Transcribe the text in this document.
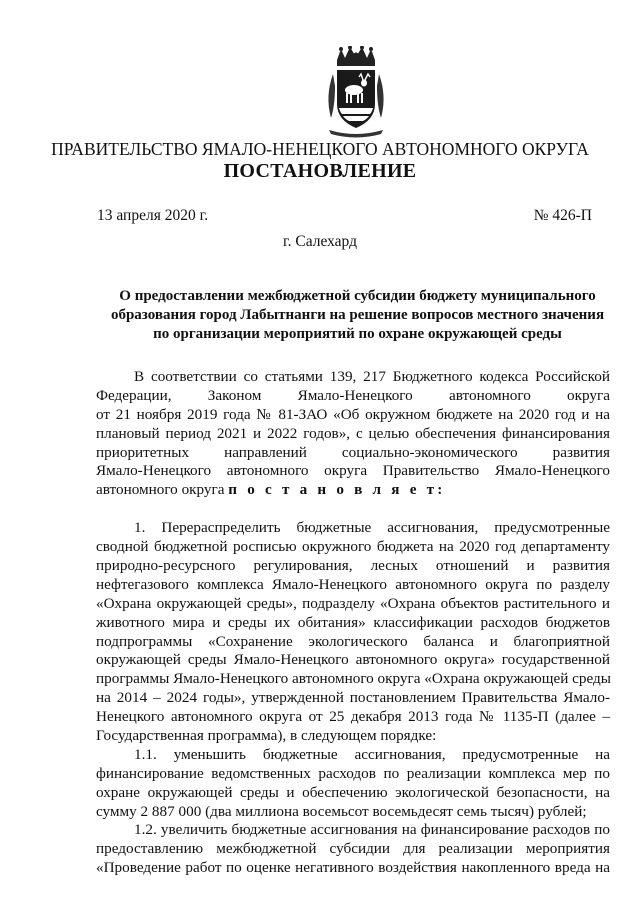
ПРАВИТЕЛЬСТВО ЯМАЛО-НЕНЕЦКОГО АВТОНОМНОГО ОКРУГА
ПОСТАНОВЛЕНИЕ
13 апреля 2020 г.	№ 426-П
г. Салехард
О предоставлении межбюджетной субсидии бюджету муниципального
образования город Лабытнанги на решение вопросов местного значения
по организации мероприятий по охране окружающей среды
В соответствии со статьями 139, 217 Бюджетного кодекса Российской
Федерации, Законом Ямало-Ненецкого автономного округа
от 21 ноября 2019 года № 81-ЗАО «Об окружном бюджете на 2020 год и на
плановый период 2021 и 2022 годов», с целью обеспечения финансирования
приоритетных направлений социально-экономического развития
Ямало-Ненецкого автономного округа Правительство Ямало-Ненецкого
автономного округа п о с т а н о в л я е т:
1. Перераспределить бюджетные ассигнования, предусмотренные
сводной бюджетной росписью окружного бюджета на 2020 год департаменту
природно-ресурсного регулирования, лесных отношений и развития
нефтегазового комплекса Ямало-Ненецкого автономного округа по разделу
«Охрана окружающей среды», подразделу «Охрана объектов растительного и
животного мира и среды их обитания» классификации расходов бюджетов
подпрограммы «Сохранение экологического баланса и благоприятной
окружающей среды Ямало-Ненецкого автономного округа» государственной
программы Ямало-Ненецкого автономного округа «Охрана окружающей среды
на 2014 – 2024 годы», утвержденной постановлением Правительства Ямало-
Ненецкого автономного округа от 25 декабря 2013 года № 1135-П (далее –
Государственная программа), в следующем порядке:
1.1. уменьшить бюджетные ассигнования, предусмотренные на
финансирование ведомственных расходов по реализации комплекса мер по
охране окружающей среды и обеспечению экологической безопасности, на
сумму 2 887 000 (два миллиона восемьсот восемьдесят семь тысяч) рублей;
1.2. увеличить бюджетные ассигнования на финансирование расходов по
предоставлению межбюджетной субсидии для реализации мероприятия
«Проведение работ по оценке негативного воздействия накопленного вреда на
